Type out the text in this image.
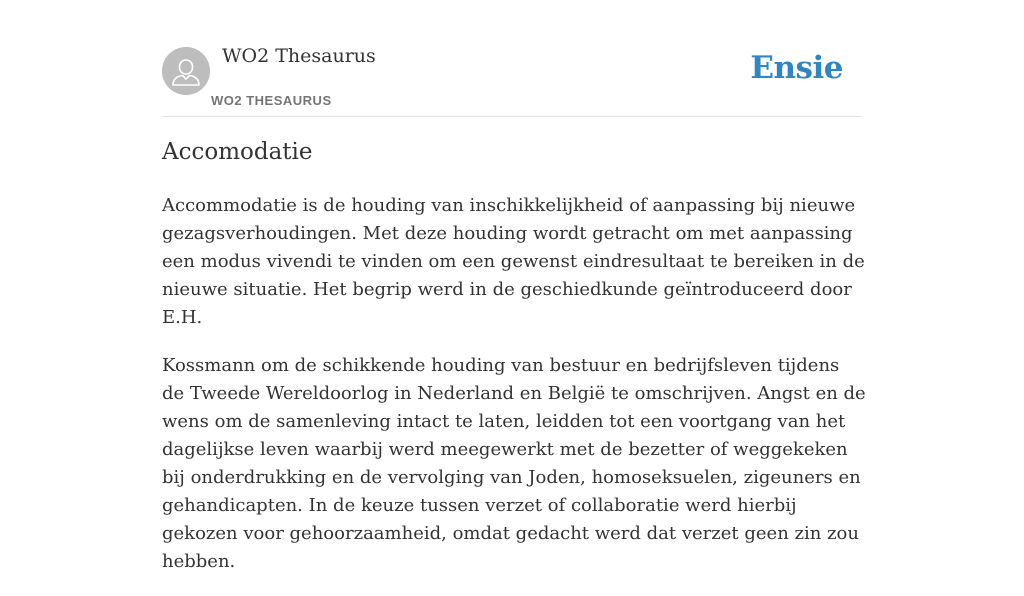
WO2 Thesaurus
WO2 THESAURUS
Ensie
Accomodatie

Accommodatie is de houding van inschikkelijkheid of aanpassing bij nieuwe gezagsverhoudingen. Met deze houding wordt getracht om met aanpassing een modus vivendi te vinden om een gewenst eindresultaat te bereiken in de nieuwe situatie. Het begrip werd in de geschiedkunde geïntroduceerd door E.H.

Kossmann om de schikkende houding van bestuur en bedrijfsleven tijdens de Tweede Wereldoorlog in Nederland en België te omschrijven. Angst en de wens om de samenleving intact te laten, leidden tot een voortgang van het dagelijkse leven waarbij werd meegewerkt met de bezetter of weggekeken bij onderdrukking en de vervolging van Joden, homoseksuelen, zigeuners en gehandicapten. In de keuze tussen verzet of collaboratie werd hierbij gekozen voor gehoorzaamheid, omdat gedacht werd dat verzet geen zin zou hebben.
